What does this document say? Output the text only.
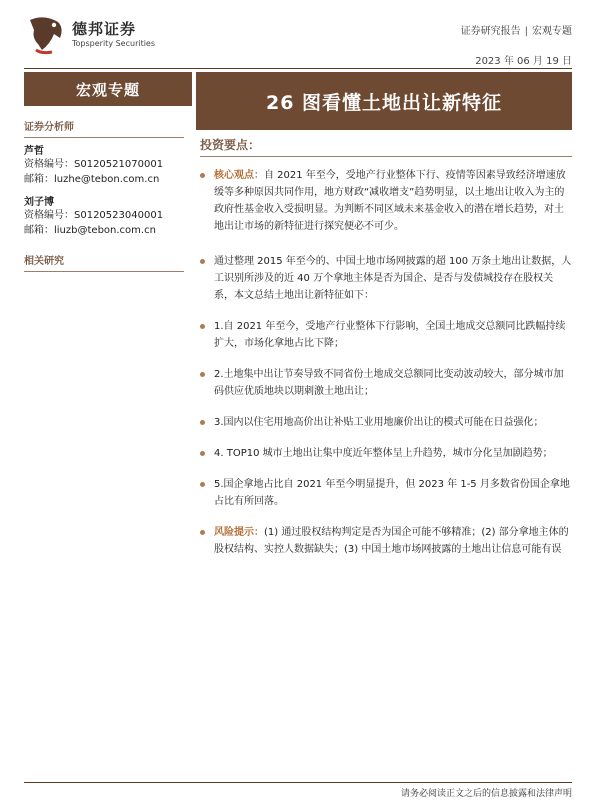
德邦证券
Topsperity Securities
证券研究报告 | 宏观专题
2023 年 06 月 19 日
宏观专题
26 图看懂土地出让新特征
证券分析师
芦哲
资格编号：S0120521070001
邮箱：luzhe@tebon.com.cn
刘子博
资格编号：S0120523040001
邮箱：liuzb@tebon.com.cn
相关研究
投资要点：
核心观点：自 2021 年至今，受地产行业整体下行、疫情等因素导致经济增速放缓等多种原因共同作用，地方财政“减收增支”趋势明显，以土地出让收入为主的政府性基金收入受损明显。为判断不同区域未来基金收入的潜在增长趋势，对土地出让市场的新特征进行探究便必不可少。
通过整理 2015 年至今的、中国土地市场网披露的超 100 万条土地出让数据，人工识别所涉及的近 40 万个拿地主体是否为国企、是否与发债城投存在股权关系，本文总结土地出让新特征如下：
1.自 2021 年至今，受地产行业整体下行影响，全国土地成交总额同比跌幅持续扩大，市场化拿地占比下降；
2.土地集中出让节奏导致不同省份土地成交总额同比变动波动较大，部分城市加码供应优质地块以期刺激土地出让；
3.国内以住宅用地高价出让补贴工业用地廉价出让的模式可能在日益强化；
4. TOP10 城市土地出让集中度近年整体呈上升趋势，城市分化呈加剧趋势；
5.国企拿地占比自 2021 年至今明显提升，但 2023 年 1-5 月多数省份国企拿地占比有所回落。
风险提示：(1) 通过股权结构判定是否为国企可能不够精准；(2) 部分拿地主体的股权结构、实控人数据缺失；(3) 中国土地市场网披露的土地出让信息可能有误
请务必阅读正文之后的信息披露和法律声明
